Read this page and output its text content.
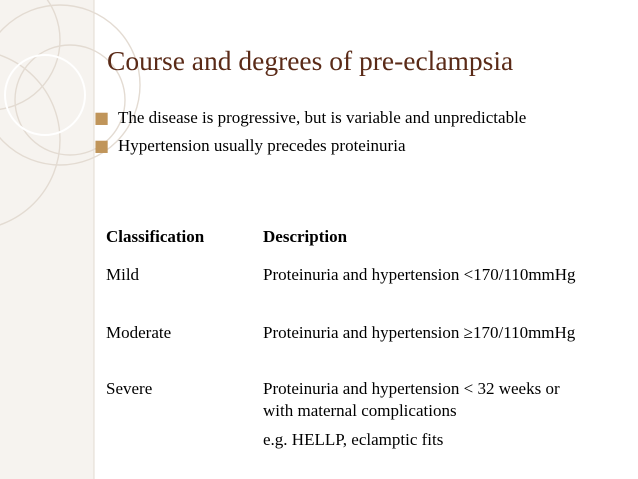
Course and degrees of pre-eclampsia
■ The disease is progressive, but is variable and unpredictable
■ Hypertension usually precedes proteinuria
Classification	Description
Mild	Proteinuria and hypertension <170/110mmHg
Moderate	Proteinuria and hypertension ≥170/110mmHg
Severe	Proteinuria and hypertension < 32 weeks or with maternal complications
e.g. HELLP, eclamptic fits
